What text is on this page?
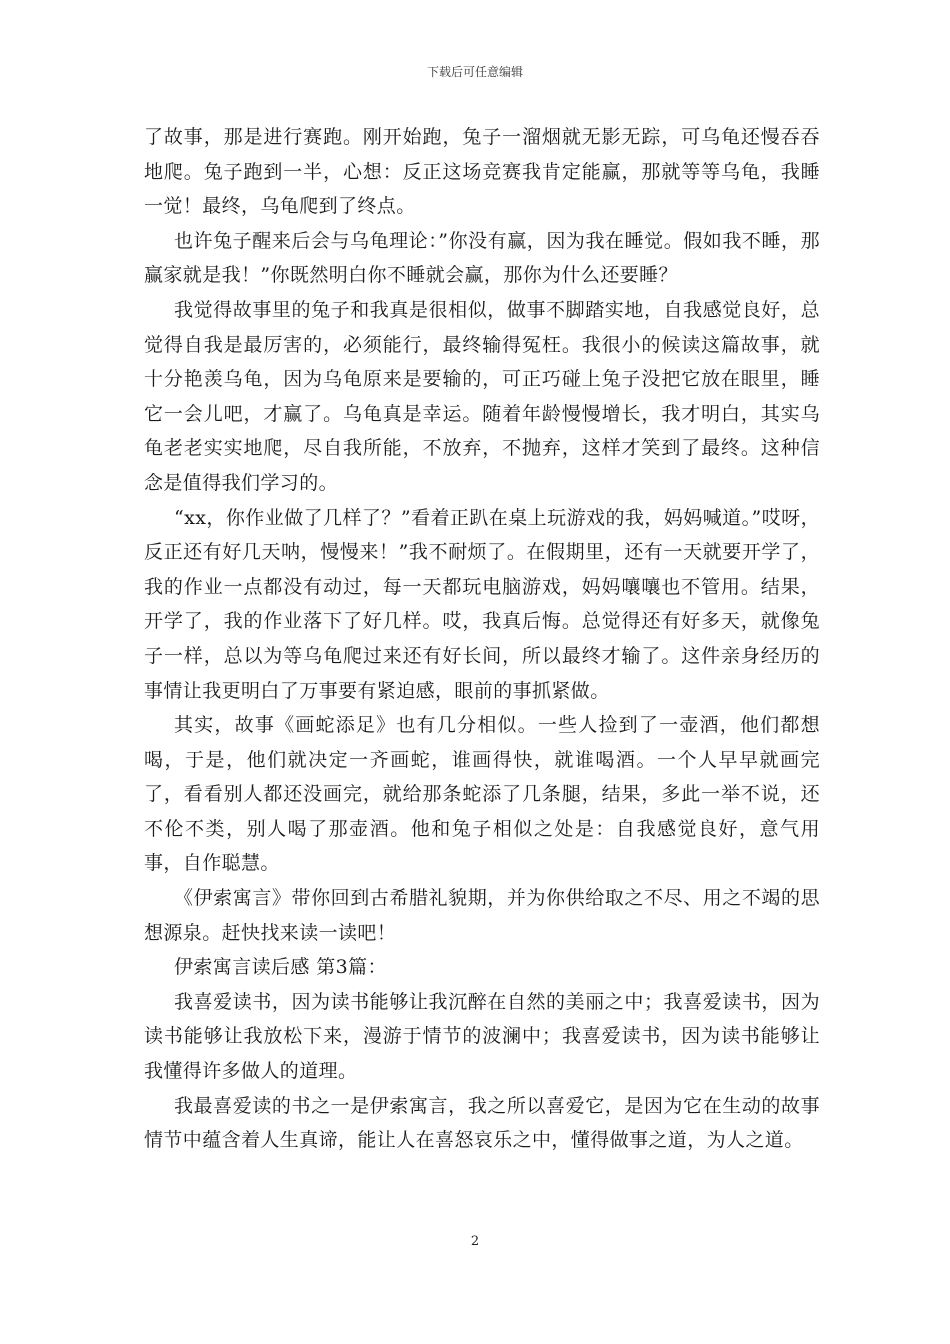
下载后可任意编辑

了故事，那是进行赛跑。刚开始跑，兔子一溜烟就无影无踪，可乌龟还慢吞吞地爬。兔子跑到一半，心想：反正这场竞赛我肯定能赢，那就等等乌龟，我睡一觉！最终，乌龟爬到了终点。

也许兔子醒来后会与乌龟理论：”你没有赢，因为我在睡觉。假如我不睡，那赢家就是我！”你既然明白你不睡就会赢，那你为什么还要睡？

我觉得故事里的兔子和我真是很相似，做事不脚踏实地，自我感觉良好，总觉得自我是最厉害的，必须能行，最终输得冤枉。我很小的候读这篇故事，就十分艳羡乌龟，因为乌龟原来是要输的，可正巧碰上兔子没把它放在眼里，睡它一会儿吧，才赢了。乌龟真是幸运。随着年龄慢慢增长，我才明白，其实乌龟老老实实地爬，尽自我所能，不放弃，不抛弃，这样才笑到了最终。这种信念是值得我们学习的。

“xx，你作业做了几样了？”看着正趴在桌上玩游戏的我，妈妈喊道。”哎呀，反正还有好几天呐，慢慢来！”我不耐烦了。在假期里，还有一天就要开学了，我的作业一点都没有动过，每一天都玩电脑游戏，妈妈嚷嚷也不管用。结果，开学了，我的作业落下了好几样。哎，我真后悔。总觉得还有好多天，就像兔子一样，总以为等乌龟爬过来还有好长间，所以最终才输了。这件亲身经历的事情让我更明白了万事要有紧迫感，眼前的事抓紧做。

其实，故事《画蛇添足》也有几分相似。一些人捡到了一壶酒，他们都想喝，于是，他们就决定一齐画蛇，谁画得快，就谁喝酒。一个人早早就画完了，看看别人都还没画完，就给那条蛇添了几条腿，结果，多此一举不说，还不伦不类，别人喝了那壶酒。他和兔子相似之处是：自我感觉良好，意气用事，自作聪慧。

《伊索寓言》带你回到古希腊礼貌期，并为你供给取之不尽、用之不竭的思想源泉。赶快找来读一读吧！

伊索寓言读后感 第3篇：

我喜爱读书，因为读书能够让我沉醉在自然的美丽之中；我喜爱读书，因为读书能够让我放松下来，漫游于情节的波澜中；我喜爱读书，因为读书能够让我懂得许多做人的道理。

我最喜爱读的书之一是伊索寓言，我之所以喜爱它，是因为它在生动的故事情节中蕴含着人生真谛，能让人在喜怒哀乐之中，懂得做事之道，为人之道。

2
